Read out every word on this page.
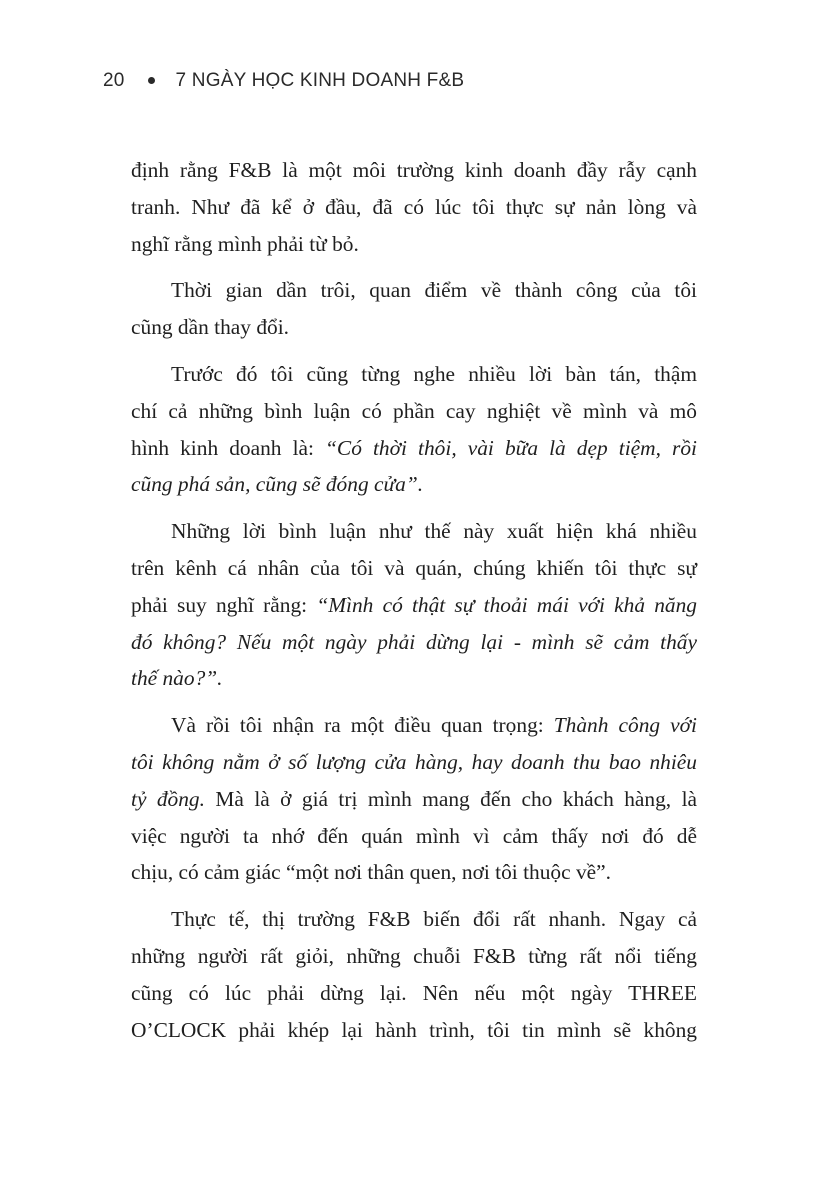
20	7 NGÀY HỌC KINH DOANH F&B
định rằng F&B là một môi trường kinh doanh đầy rẫy cạnh
tranh. Như đã kể ở đầu, đã có lúc tôi thực sự nản lòng và
nghĩ rằng mình phải từ bỏ.
Thời gian dần trôi, quan điểm về thành công của tôi
cũng dần thay đổi.
Trước đó tôi cũng từng nghe nhiều lời bàn tán, thậm
chí cả những bình luận có phần cay nghiệt về mình và mô
hình kinh doanh là: “Có thời thôi, vài bữa là dẹp tiệm, rồi
cũng phá sản, cũng sẽ đóng cửa”.
Những lời bình luận như thế này xuất hiện khá nhiều
trên kênh cá nhân của tôi và quán, chúng khiến tôi thực sự
phải suy nghĩ rằng: “Mình có thật sự thoải mái với khả năng
đó không? Nếu một ngày phải dừng lại - mình sẽ cảm thấy
thế nào?”.
Và rồi tôi nhận ra một điều quan trọng: Thành công với
tôi không nằm ở số lượng cửa hàng, hay doanh thu bao nhiêu
tỷ đồng. Mà là ở giá trị mình mang đến cho khách hàng, là
việc người ta nhớ đến quán mình vì cảm thấy nơi đó dễ
chịu, có cảm giác “một nơi thân quen, nơi tôi thuộc về”.
Thực tế, thị trường F&B biến đổi rất nhanh. Ngay cả
những người rất giỏi, những chuỗi F&B từng rất nổi tiếng
cũng có lúc phải dừng lại. Nên nếu một ngày THREE
O’CLOCK phải khép lại hành trình, tôi tin mình sẽ không
